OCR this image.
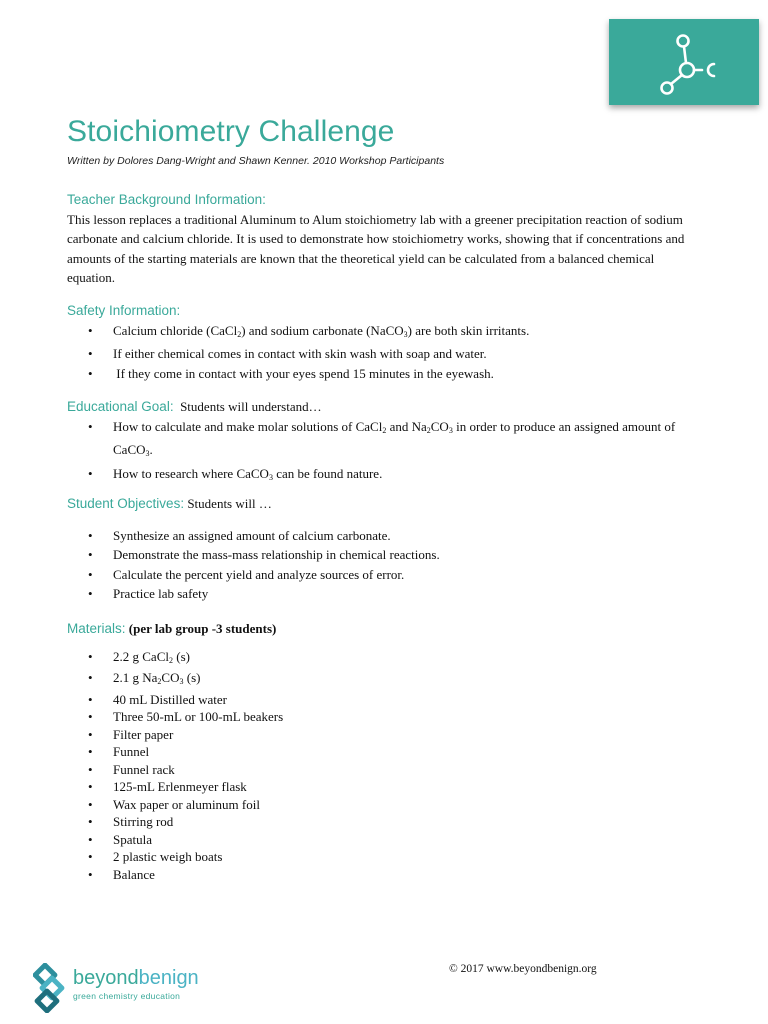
Stoichiometry Challenge
Written by Dolores Dang-Wright and Shawn Kenner. 2010 Workshop Participants
Teacher Background Information:

This lesson replaces a traditional Aluminum to Alum stoichiometry lab with a greener precipitation reaction of sodium carbonate and calcium chloride. It is used to demonstrate how stoichiometry works, showing that if concentrations and amounts of the starting materials are known that the theoretical yield can be calculated from a balanced chemical equation.

Safety Information:
• Calcium chloride (CaCl$_2$) and sodium carbonate (NaCO$_3$) are both skin irritants.
• If either chemical comes in contact with skin wash with soap and water.
•  If they come in contact with your eyes spend 15 minutes in the eyewash.
Educational Goal: Students will understand…
• How to calculate and make molar solutions of CaCl$_2$ and $Na_2CO_3$ in order to produce an assigned amount of CaCO$_3$.
• How to research where CaCO$_3$ can be found nature.
Student Objectives: Students will …
• Synthesize an assigned amount of calcium carbonate.
• Demonstrate the mass-mass relationship in chemical reactions.
• Calculate the percent yield and analyze sources of error.
• Practice lab safety
Materials: (per lab group -3 students)
• 2.2 g CaCl$_2$ (s)
• 2.1 g $Na_2CO_3$ (s)
• 40 mL Distilled water
• Three 50-mL or 100-mL beakers
• Filter paper
• Funnel
• Funnel rack
• 125-mL Erlenmeyer flask
• Wax paper or aluminum foil
• Stirring rod
• Spatula
• 2 plastic weigh boats
• Balance
beyondbenign
green chemistry education
© 2017 www.beyondbenign.org
